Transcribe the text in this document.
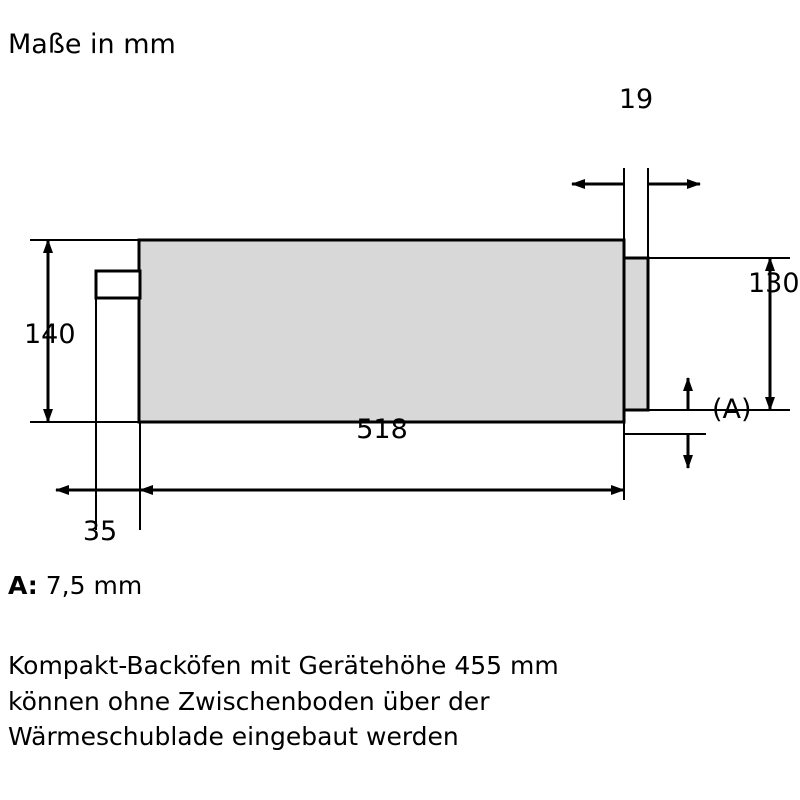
Maße in mm
140
35
518
19
130
(A)
A: 7,5 mm
Kompakt-Backöfen mit Gerätehöhe 455 mm
können ohne Zwischenboden über der
Wärmeschublade eingebaut werden
